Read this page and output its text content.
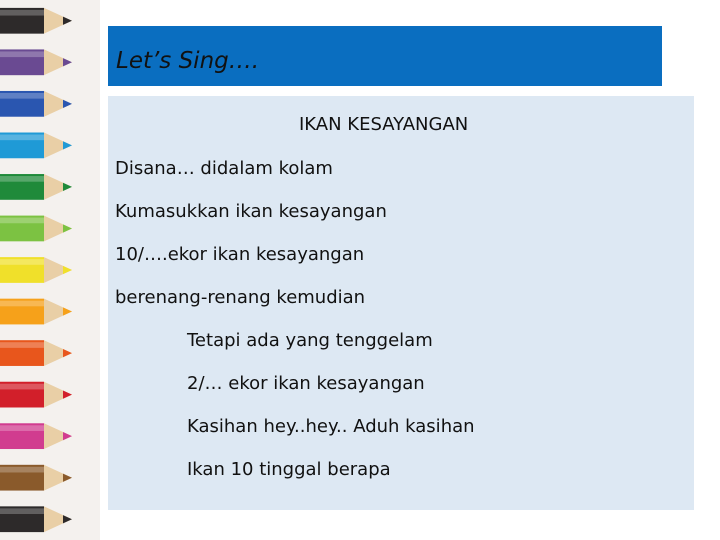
Let’s Sing….
IKAN KESAYANGAN
Disana… didalam kolam
Kumasukkan ikan kesayangan
10/….ekor ikan kesayangan
berenang-renang kemudian
Tetapi ada yang tenggelam
2/… ekor ikan kesayangan
Kasihan hey..hey.. Aduh kasihan
Ikan 10 tinggal berapa
